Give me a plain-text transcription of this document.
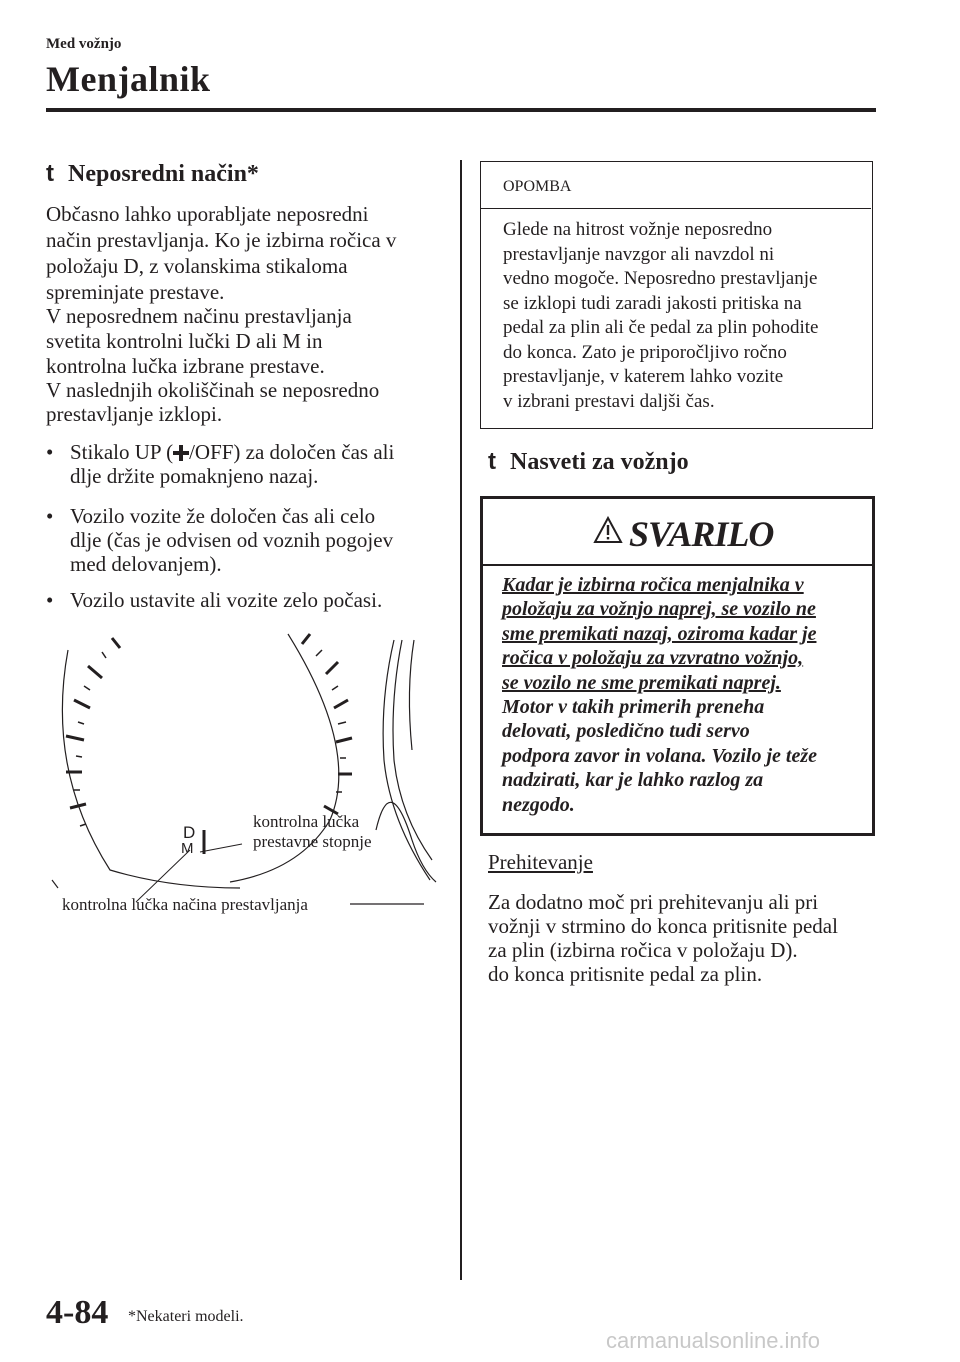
Med vožnjo
Menjalnik
t Neposredni način*
Občasno lahko uporabljate neposredni
način prestavljanja. Ko je izbirna ročica v
položaju D, z volanskima stikaloma
spreminjate prestave.
V neposrednem načinu prestavljanja
svetita kontrolni lučki D ali M in
kontrolna lučka izbrane prestave.
V naslednjih okoliščinah se neposredno
prestavljanje izklopi.
• Stikalo UP ( /OFF) za določen čas ali
dlje držite pomaknjeno nazaj.
• Vozilo vozite že določen čas ali celo
dlje (čas je odvisen od voznih pogojev
med delovanjem).
• Vozilo ustavite ali vozite zelo počasi.
D
M
kontrolna lučka
prestavne stopnje
kontrolna lučka načina prestavljanja
OPOMBA
Glede na hitrost vožnje neposredno
prestavljanje navzgor ali navzdol ni
vedno mogoče. Neposredno prestavljanje
se izklopi tudi zaradi jakosti pritiska na
pedal za plin ali če pedal za plin pohodite
do konca. Zato je priporočljivo ročno
prestavljanje, v katerem lahko vozite
v izbrani prestavi daljši čas.
t Nasveti za vožnjo
SVARILO
Kadar je izbirna ročica menjalnika v
položaju za vožnjo naprej, se vozilo ne
sme premikati nazaj, oziroma kadar je
ročica v položaju za vzvratno vožnjo,
se vozilo ne sme premikati naprej.
Motor v takih primerih preneha
delovati, posledično tudi servo
podpora zavor in volana. Vozilo je teže
nadzirati, kar je lahko razlog za
nezgodo.
Prehitevanje
Za dodatno moč pri prehitevanju ali pri
vožnji v strmino do konca pritisnite pedal
za plin (izbirna ročica v položaju D).
do konca pritisnite pedal za plin.
4-84 *Nekateri modeli.
carmanualsonline.info
